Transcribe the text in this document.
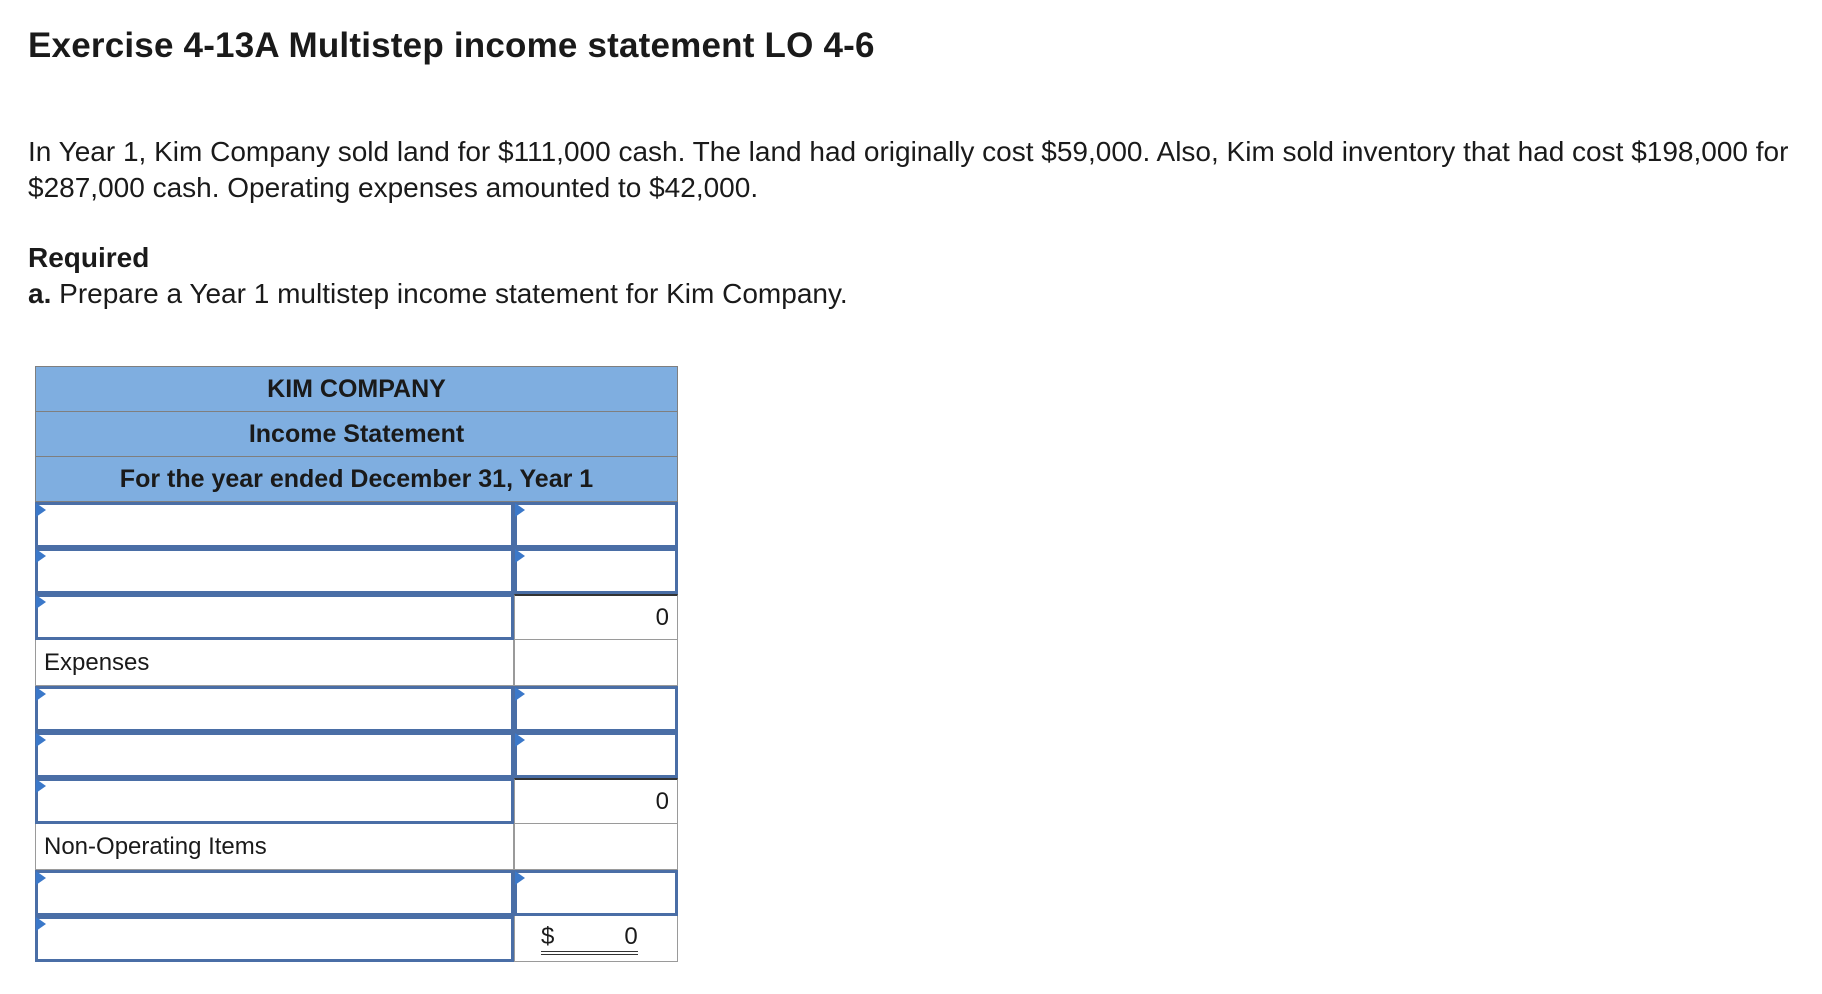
Exercise 4-13A Multistep income statement LO 4-6
In Year 1, Kim Company sold land for $111,000 cash. The land had originally cost $59,000. Also, Kim sold inventory that had cost $198,000 for $287,000 cash. Operating expenses amounted to $42,000.
Required
a. Prepare a Year 1 multistep income statement for Kim Company.
KIM COMPANY
Income Statement
For the year ended December 31, Year 1
0
Expenses
0
Non-Operating Items
$	0
